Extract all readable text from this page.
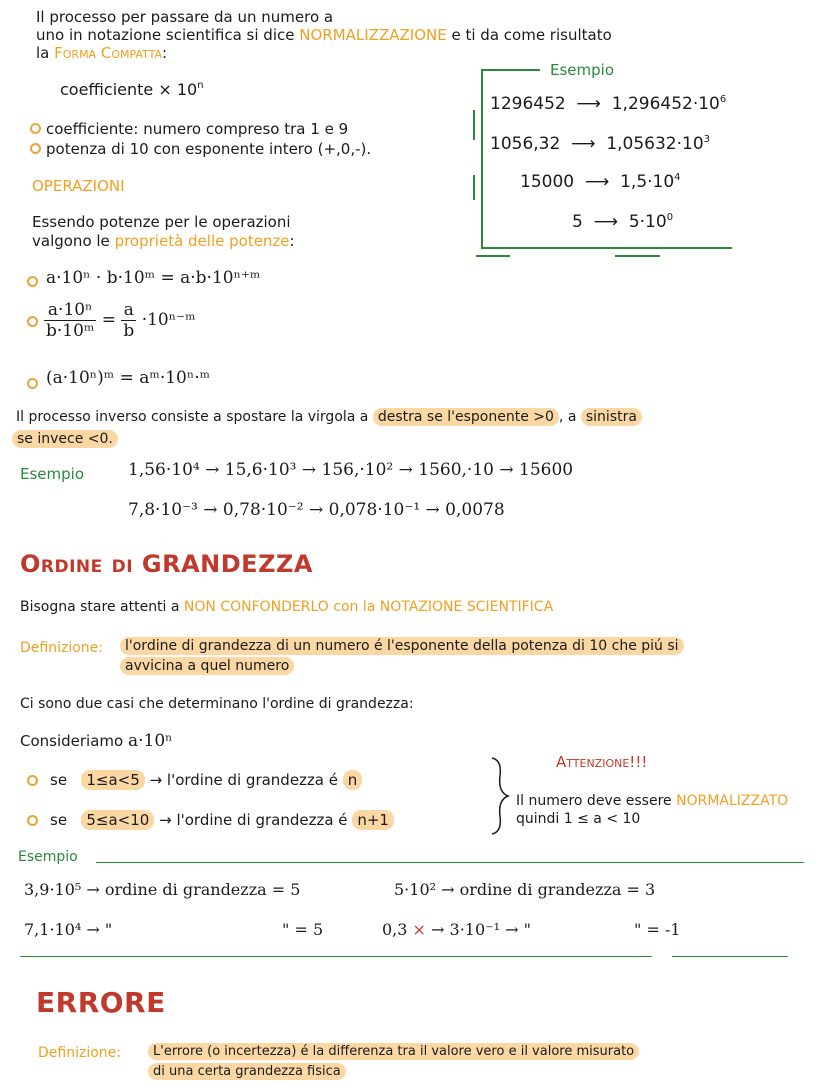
Il processo per passare da un numero a
uno in notazione scientifica si dice NORMALIZZAZIONE e ti da come risultato
la Forma Compatta:
coefficiente × $10^n$
coefficiente: numero compreso tra 1 e 9
potenza di 10 con esponente intero (+,0,-).
Esempio
1296452  ⟶  $1,296452\cdot 10^6$
1056,32  ⟶  $1,05632\cdot 10^3$
15000  ⟶  $1,5\cdot 10^4$
5  ⟶  $5\cdot 10^0$
OPERAZIONI
Essendo potenze per le operazioni
valgono le proprietà delle potenze:
a·10ⁿ · b·10ᵐ = a·b·10ⁿ⁺ᵐ
$\frac{\text{a·10ⁿ}}{\text{b·10ᵐ}} = \frac{a}{b}$ ·10ⁿ⁻ᵐ
(a·10ⁿ)ᵐ = aᵐ·10ⁿ·ᵐ
Il processo inverso consiste a spostare la virgola a destra se l'esponente >0 , a sinistra
se invece <0.
Esempio	1,56·10⁴ → 15,6·10³ → 156,·10² → 1560,·10 → 15600
7,8·10⁻³ → 0,78·10⁻² → 0,078·10⁻¹ → 0,0078
Ordine di GRANDEZZA
Bisogna stare attenti a NON CONFONDERLO con la NOTAZIONE SCIENTIFICA
Definizione:	l'ordine di grandezza di un numero é l'esponente della potenza di 10 che piú si
avvicina a quel numero
Ci sono due casi che determinano l'ordine di grandezza:
Consideriamo a·10ⁿ
se 1≤a<5 → l'ordine di grandezza é n
se 5≤a<10 → l'ordine di grandezza é n+1
Attenzione!!!
Il numero deve essere NORMALIZZATO
quindi 1 ≤ a < 10
Esempio
3,9·10⁵ → ordine di grandezza = 5	5·10² → ordine di grandezza = 3
7,1·10⁴ → "	" = 5	0,3 × → 3·10⁻¹ → "	" = -1
ERRORE
Definizione:	L'errore (o incertezza) é la differenza tra il valore vero e il valore misurato
di una certa grandezza fisica
